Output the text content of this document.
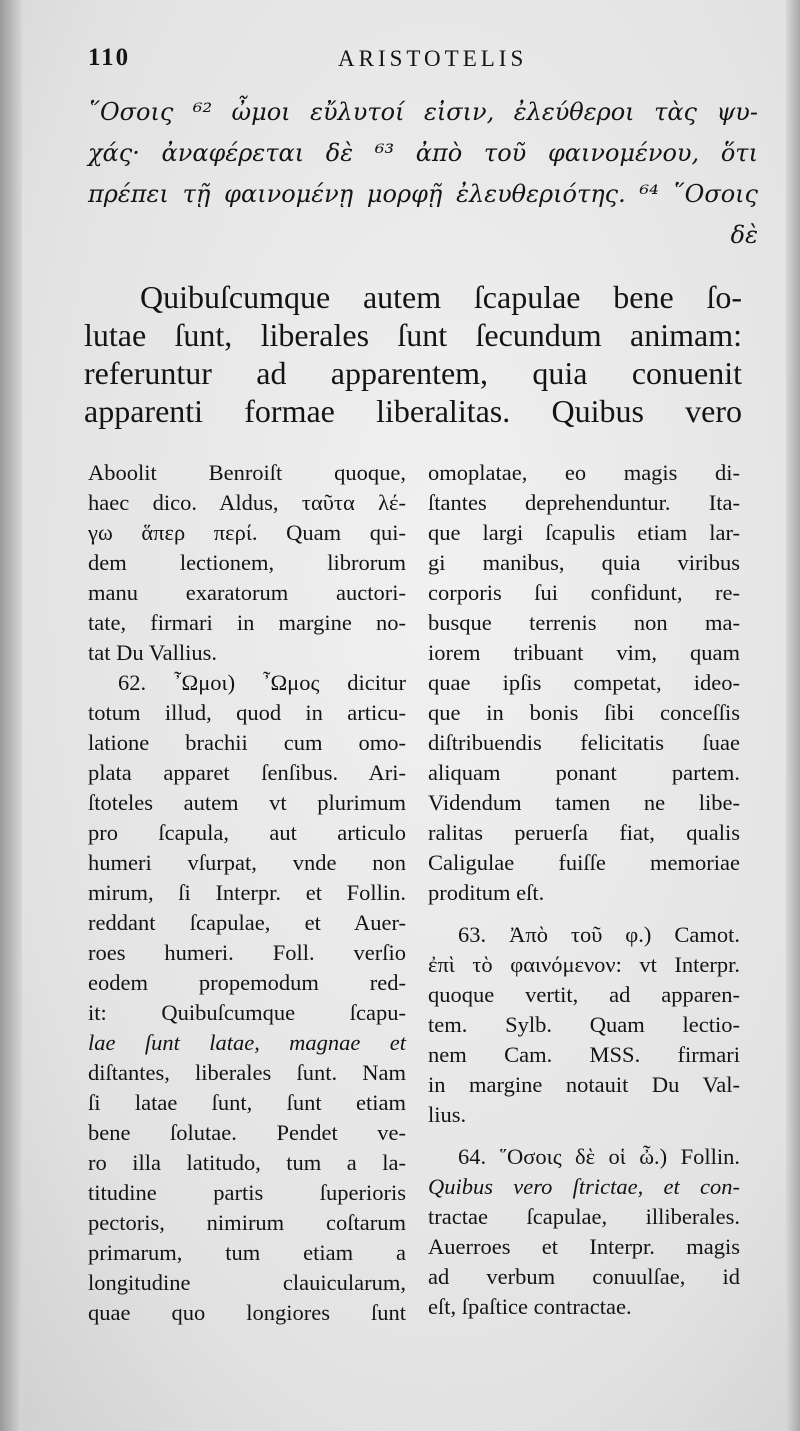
110	ARISTOTELIS
῞Οσοις ⁶² ὦμοι εὔλυτοί εἰσιν, ἐλεύθεροι τὰς ψυ-
χάς· ἀναφέρεται δὲ ⁶³ ἀπὸ τοῦ φαινομένου, ὅτι
πρέπει τῇ φαινομένῃ μορφῇ ἐλευθεριότης. ⁶⁴ ῞Οσοις
δὲ
Quibuſcumque autem ſcapulae bene ſo-
lutae ſunt, liberales ſunt ſecundum animam:
referuntur ad apparentem, quia conuenit
apparenti formae liberalitas. Quibus vero
Aboolit Benroiſt quoque,
haec dico. Aldus, ταῦτα λέ-
γω ἅπερ περί. Quam qui-
dem lectionem, librorum
manu exaratorum auctori-
tate, firmari in margine no-
tat Du Vallius.
62. ῏Ωμοι) ῏Ωμος dicitur
totum illud, quod in articu-
latione brachii cum omo-
plata apparet ſenſibus. Ari-
ſtoteles autem vt plurimum
pro ſcapula, aut articulo
humeri vſurpat, vnde non
mirum, ſi Interpr. et Follin.
reddant ſcapulae, et Auer-
roes humeri. Foll. verſio
eodem propemodum red-
it: Quibuſcumque ſcapu-
lae ſunt latae, magnae et
diſtantes, liberales ſunt. Nam
ſi latae ſunt, ſunt etiam
bene ſolutae. Pendet ve-
ro illa latitudo, tum a la-
titudine partis ſuperioris
pectoris, nimirum coſtarum
primarum, tum etiam a
longitudine clauicularum,
quae quo longiores ſunt
omoplatae, eo magis di-
ſtantes deprehenduntur. Ita-
que largi ſcapulis etiam lar-
gi manibus, quia viribus
corporis ſui confidunt, re-
busque terrenis non ma-
iorem tribuant vim, quam
quae ipſis competat, ideo-
que in bonis ſibi conceſſis
diſtribuendis felicitatis ſuae
aliquam ponant partem.
Videndum tamen ne libe-
ralitas peruerſa fiat, qualis
Caligulae fuiſſe memoriae
proditum eſt.
63. Ἀπὸ τοῦ φ.) Camot.
ἐπὶ τὸ φαινόμενον: vt Interpr.
quoque vertit, ad apparen-
tem. Sylb. Quam lectio-
nem Cam. MSS. firmari
in margine notauit Du Val-
lius.
64. ῞Οσοις δὲ οἱ ὦ.) Follin.
Quibus vero ſtrictae, et con-
tractae ſcapulae, illiberales.
Auerroes et Interpr. magis
ad verbum conuulſae, id
eſt, ſpaſtice contractae.
